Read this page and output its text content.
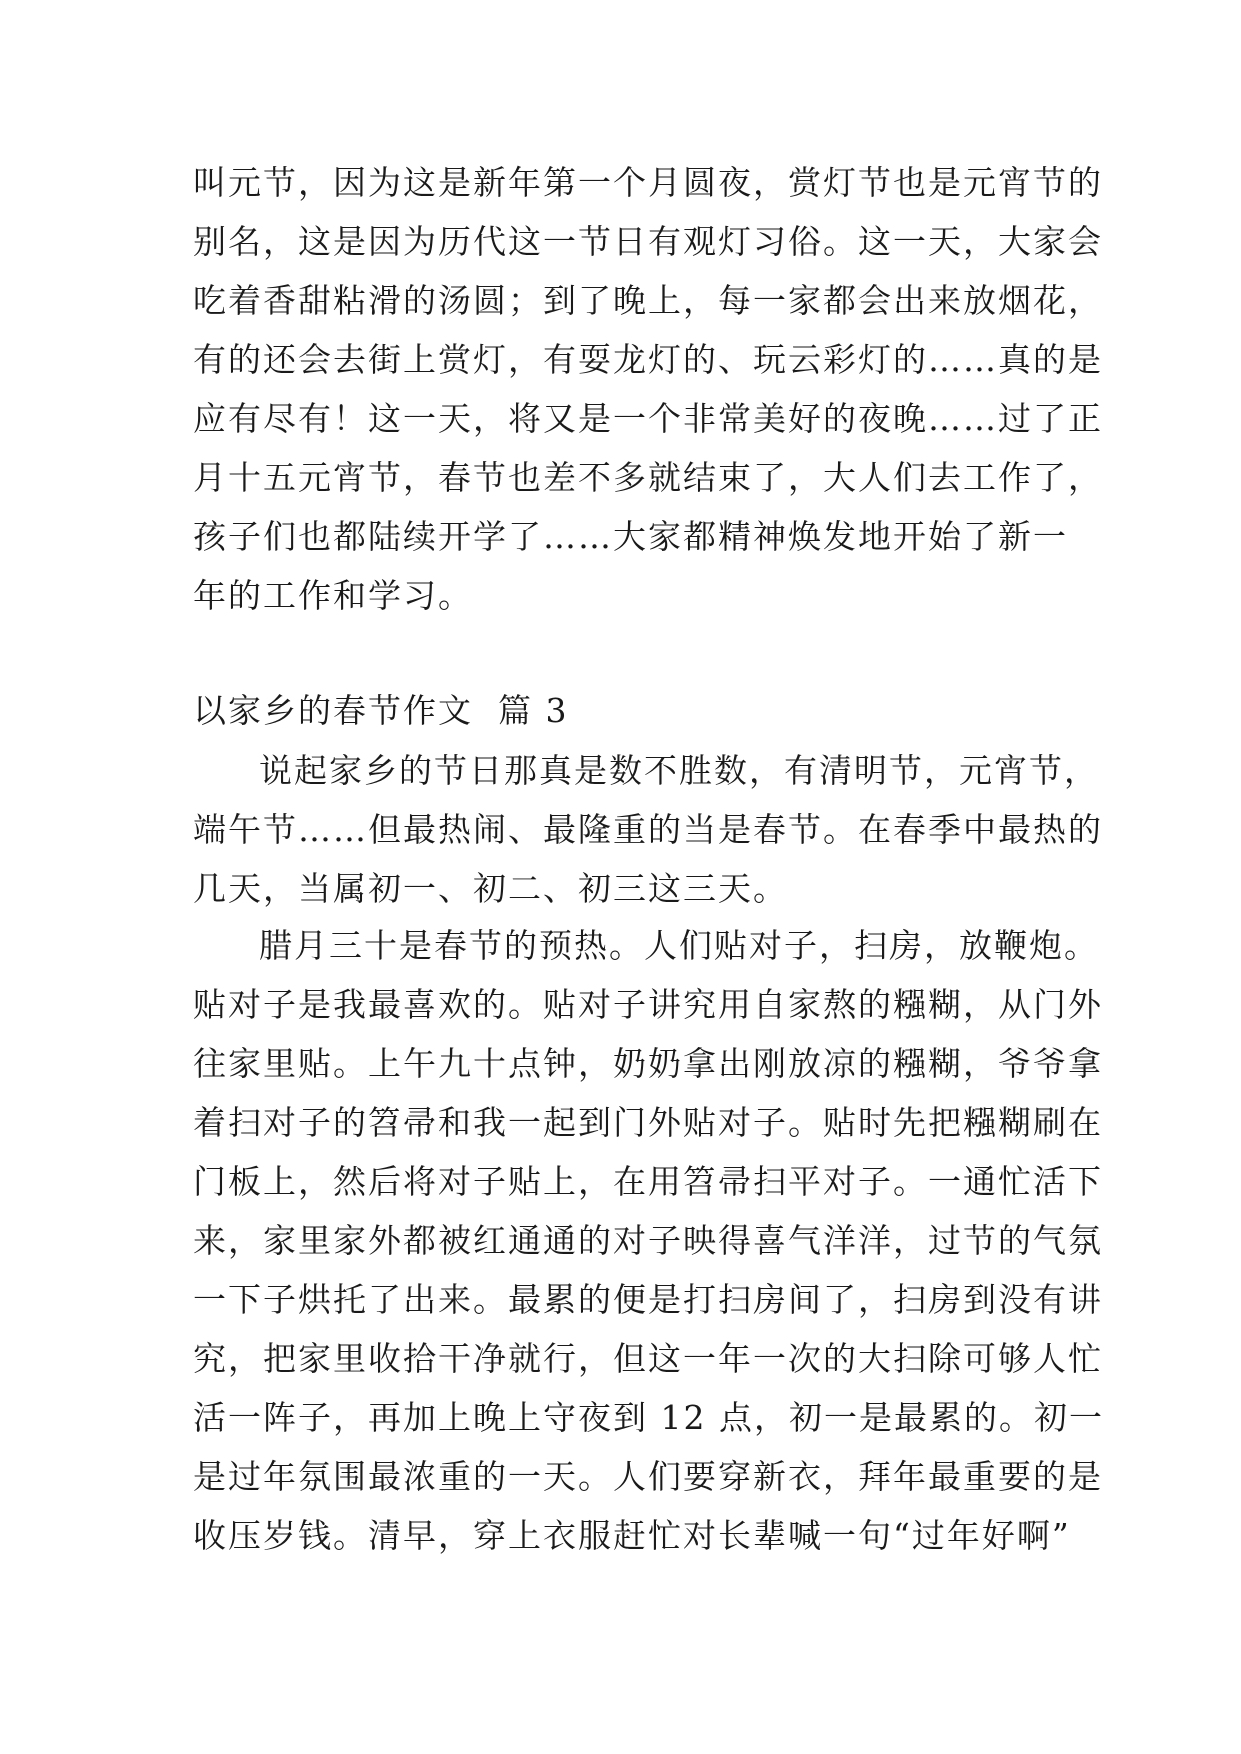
叫元节，因为这是新年第一个月圆夜，赏灯节也是元宵节的
别名，这是因为历代这一节日有观灯习俗。这一天，大家会
吃着香甜粘滑的汤圆；到了晚上，每一家都会出来放烟花，
有的还会去街上赏灯，有耍龙灯的、玩云彩灯的……真的是
应有尽有！这一天，将又是一个非常美好的夜晚……过了正
月十五元宵节，春节也差不多就结束了，大人们去工作了，
孩子们也都陆续开学了……大家都精神焕发地开始了新一
年的工作和学习。
以家乡的春节作文  篇 3
说起家乡的节日那真是数不胜数，有清明节，元宵节，
端午节……但最热闹、最隆重的当是春节。在春季中最热的
几天，当属初一、初二、初三这三天。
腊月三十是春节的预热。人们贴对子，扫房，放鞭炮。
贴对子是我最喜欢的。贴对子讲究用自家熬的糨糊，从门外
往家里贴。上午九十点钟，奶奶拿出刚放凉的糨糊，爷爷拿
着扫对子的笤帚和我一起到门外贴对子。贴时先把糨糊刷在
门板上，然后将对子贴上，在用笤帚扫平对子。一通忙活下
来，家里家外都被红通通的对子映得喜气洋洋，过节的气氛
一下子烘托了出来。最累的便是打扫房间了，扫房到没有讲
究，把家里收拾干净就行，但这一年一次的大扫除可够人忙
活一阵子，再加上晚上守夜到 12 点，初一是最累的。初一
是过年氛围最浓重的一天。人们要穿新衣，拜年最重要的是
收压岁钱。清早，穿上衣服赶忙对长辈喊一句“过年好啊”
